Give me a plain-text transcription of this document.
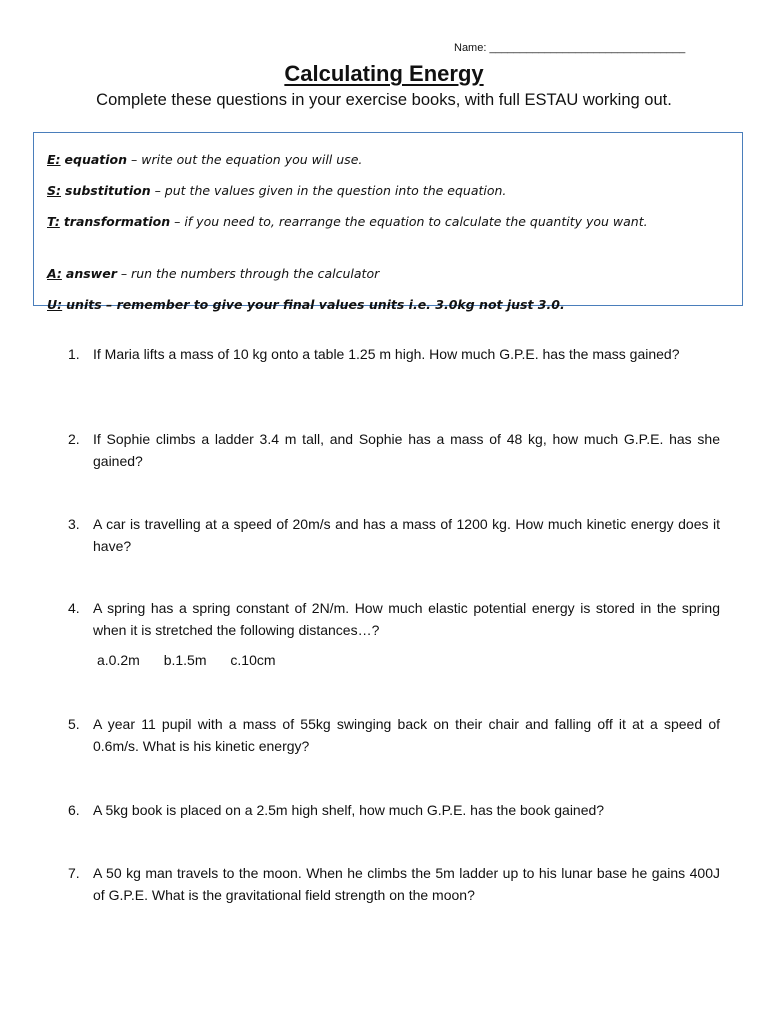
Name: ________________________________
Calculating Energy
Complete these questions in your exercise books, with full ESTAU working out.
E: equation – write out the equation you will use.
S: substitution – put the values given in the question into the equation.
T: transformation – if you need to, rearrange the equation to calculate the quantity you want.
A: answer – run the numbers through the calculator
U: units – remember to give your final values units i.e. 3.0kg not just 3.0.
1. If Maria lifts a mass of 10 kg onto a table 1.25 m high. How much G.P.E. has the mass gained?
2. If Sophie climbs a ladder 3.4 m tall, and Sophie has a mass of 48 kg, how much G.P.E. has she gained?
3. A car is travelling at a speed of 20m/s and has a mass of 1200 kg. How much kinetic energy does it have?
4. A spring has a spring constant of 2N/m. How much elastic potential energy is stored in the spring when it is stretched the following distances…?
a.0.2m b.1.5m c.10cm
5. A year 11 pupil with a mass of 55kg swinging back on their chair and falling off it at a speed of 0.6m/s. What is his kinetic energy?
6. A 5kg book is placed on a 2.5m high shelf, how much G.P.E. has the book gained?
7. A 50 kg man travels to the moon. When he climbs the 5m ladder up to his lunar base he gains 400J of G.P.E. What is the gravitational field strength on the moon?
